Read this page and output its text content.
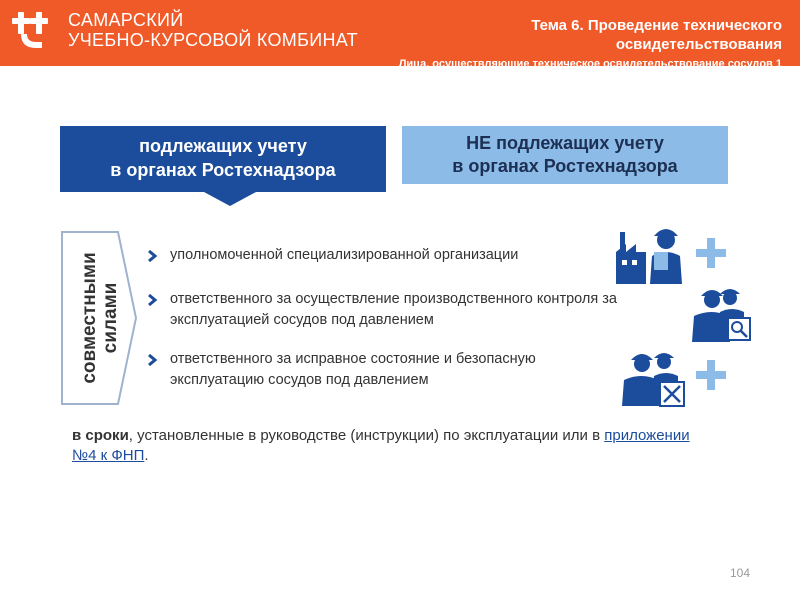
САМАРСКИЙ
УЧЕБНО-КУРСОВОЙ КОМБИНАТ
Тема 6. Проведение технического освидетельствования
Лица, осуществляющие техническое освидетельствование сосудов 1
подлежащих учету
в органах Ростехнадзора
НЕ подлежащих учету
в органах Ростехнадзора
совместными силами
уполномоченной специализированной организации
ответственного за осуществление производственного контроля за эксплуатацией сосудов под давлением
ответственного за исправное состояние и безопасную эксплуатацию сосудов под давлением
в сроки, установленные в руководстве (инструкции) по эксплуатации или в приложении №4 к ФНП.
104
